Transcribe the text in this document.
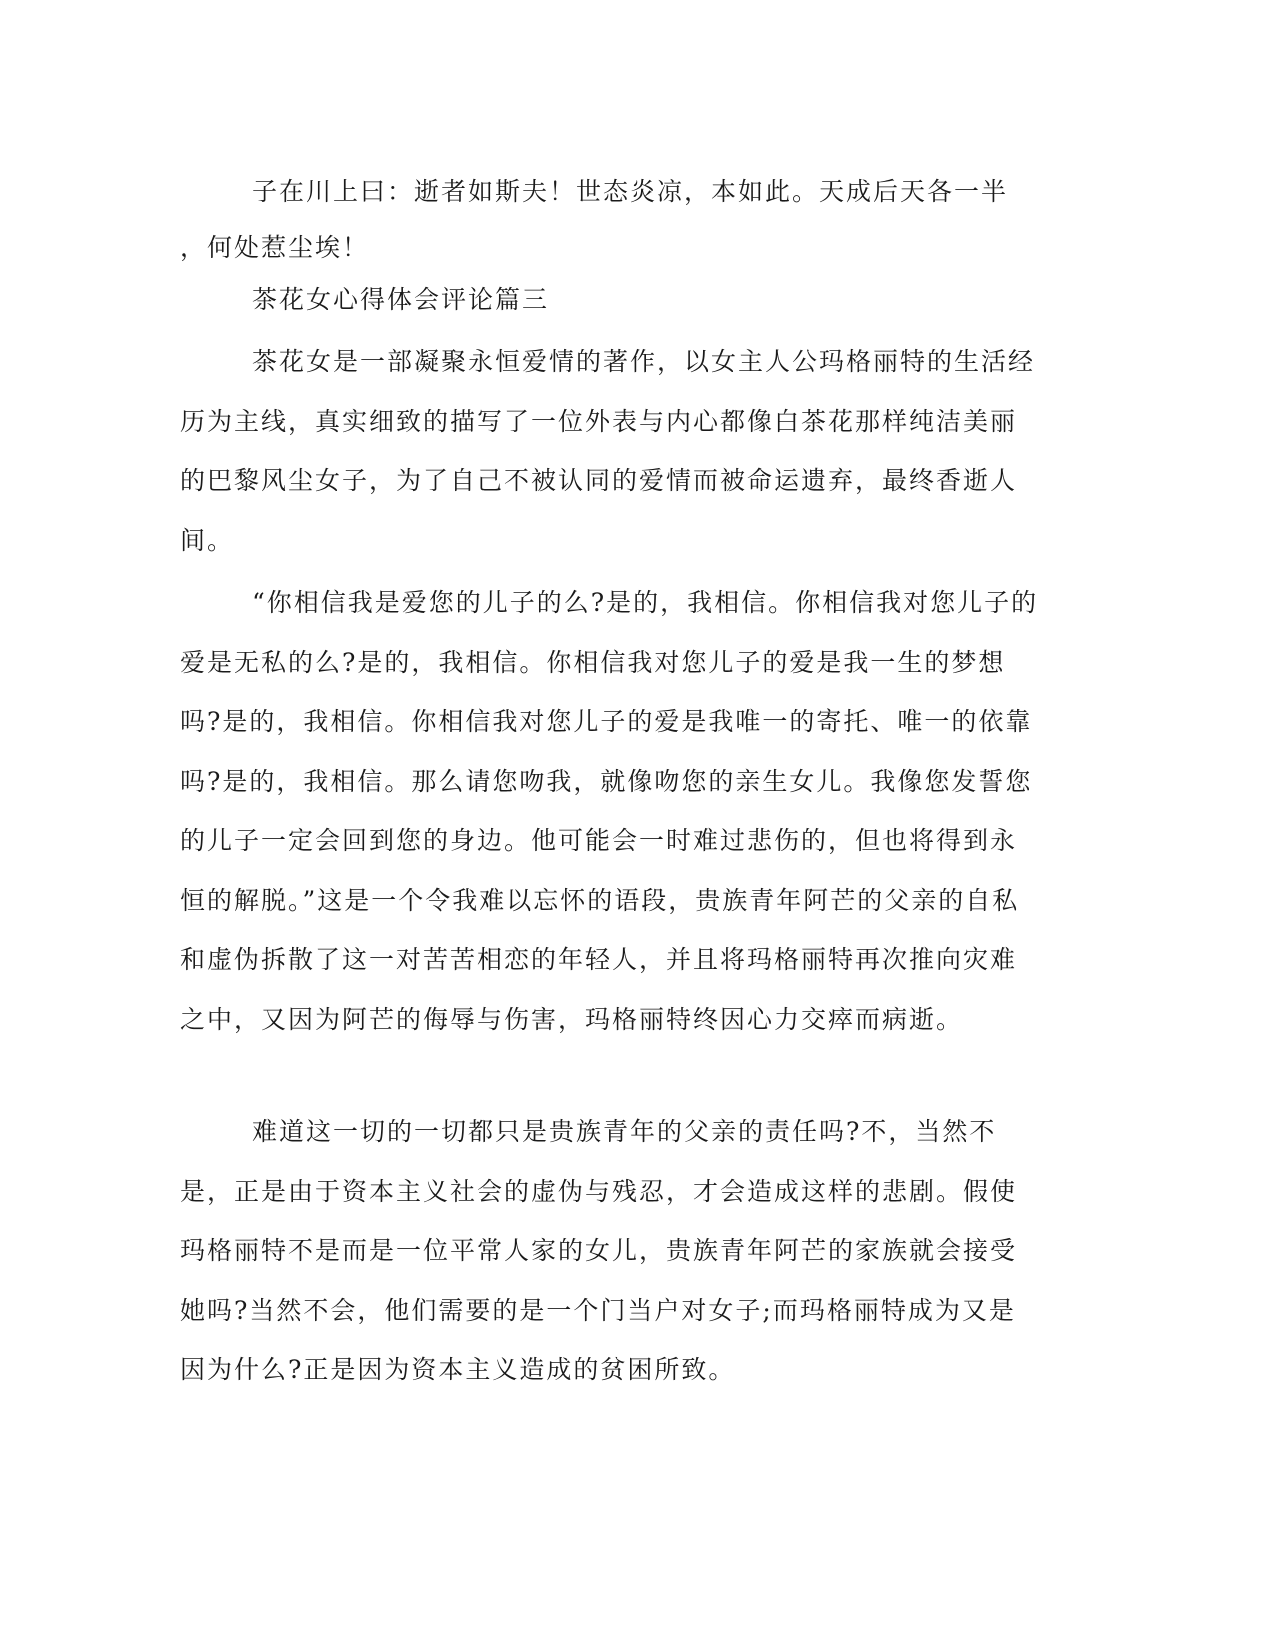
子在川上曰：逝者如斯夫！世态炎凉，本如此。天成后天各一半
，何处惹尘埃！
茶花女心得体会评论篇三

茶花女是一部凝聚永恒爱情的著作，以女主人公玛格丽特的生活经历为主线，真实细致的描写了一位外表与内心都像白茶花那样纯洁美丽的巴黎风尘女子，为了自己不被认同的爱情而被命运遗弃，最终香逝人间。

“你相信我是爱您的儿子的么?是的，我相信。你相信我对您儿子的爱是无私的么?是的，我相信。你相信我对您儿子的爱是我一生的梦想吗?是的，我相信。你相信我对您儿子的爱是我唯一的寄托、唯一的依靠吗?是的，我相信。那么请您吻我，就像吻您的亲生女儿。我像您发誓您的儿子一定会回到您的身边。他可能会一时难过悲伤的，但也将得到永恒的解脱。”这是一个令我难以忘怀的语段，贵族青年阿芒的父亲的自私和虚伪拆散了这一对苦苦相恋的年轻人，并且将玛格丽特再次推向灾难之中，又因为阿芒的侮辱与伤害，玛格丽特终因心力交瘁而病逝。

难道这一切的一切都只是贵族青年的父亲的责任吗?不，当然不是，正是由于资本主义社会的虚伪与残忍，才会造成这样的悲剧。假使玛格丽特不是而是一位平常人家的女儿，贵族青年阿芒的家族就会接受她吗?当然不会，他们需要的是一个门当户对女子;而玛格丽特成为又是因为什么?正是因为资本主义造成的贫困所致。
